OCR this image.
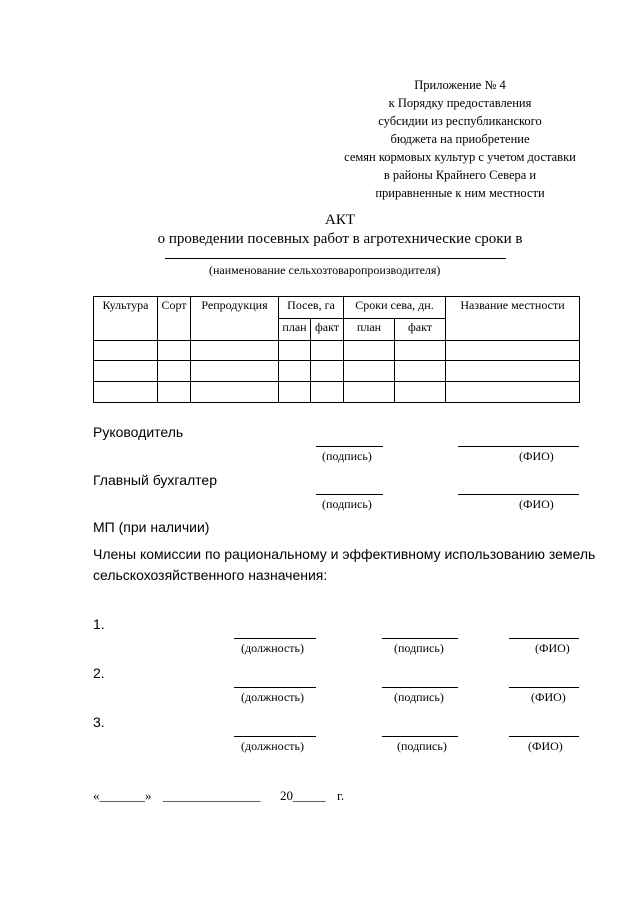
Приложение № 4
к Порядку предоставления
субсидии из республиканского
бюджета на приобретение
семян кормовых культур с учетом доставки
в районы Крайнего Севера и
приравненные к ним местности
АКТ
о проведении посевных работ в агротехнические сроки в
(наименование сельхозтоваропроизводителя)
Культура	Сорт	Репродукция	Посев, га		Сроки сева, дн.		Название местности
			план	факт	план	факт	

Руководитель
(подпись)	(ФИО)
Главный бухгалтер
(подпись)	(ФИО)
МП (при наличии)
Члены комиссии по рациональному и эффективному использованию земель
сельскохозяйственного назначения:
1.
(должность)	(подпись)	(ФИО)
2.
(должность)	(подпись)	(ФИО)
3.
(должность)	(подпись)	(ФИО)
«_______» _______________ 20_____ г.
